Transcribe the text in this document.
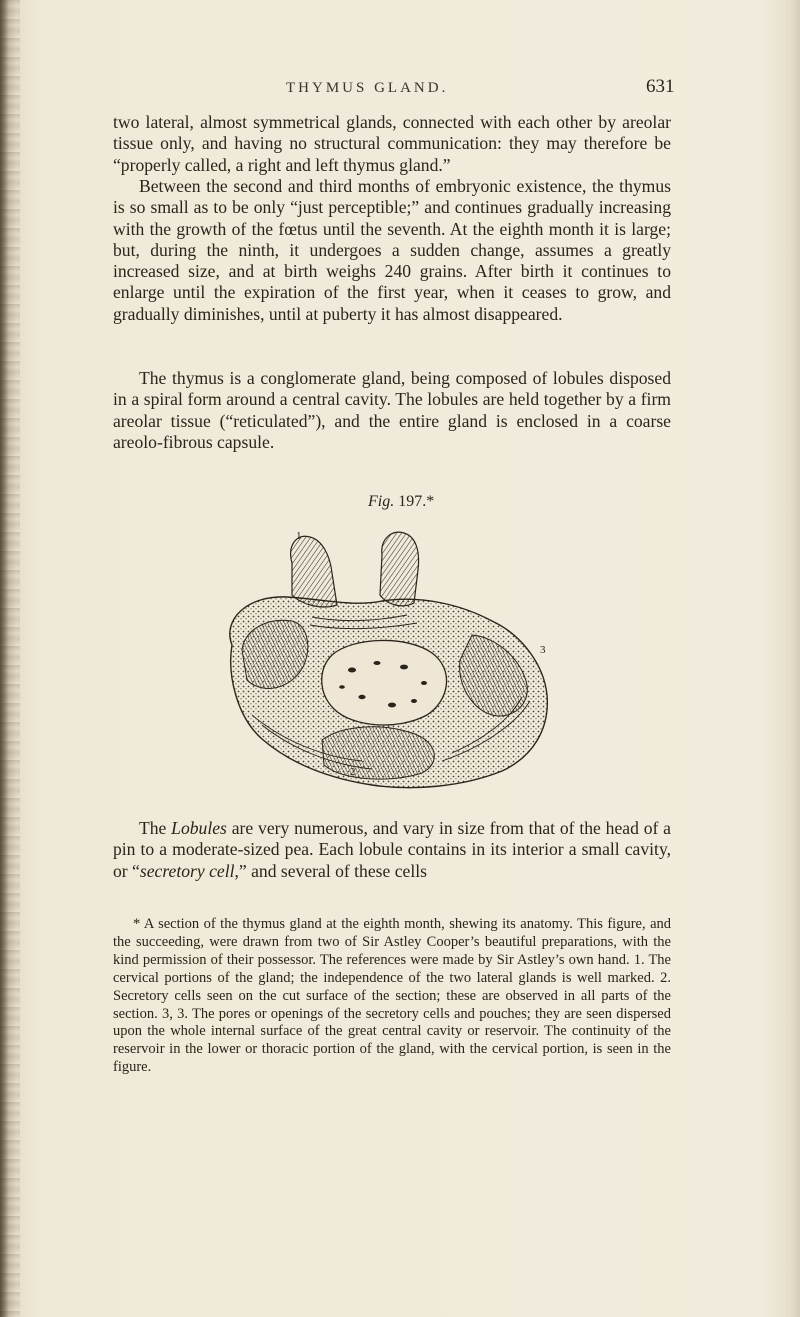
THYMUS GLAND.	631

two lateral, almost symmetrical glands, connected with each other by areolar tissue only, and having no structural communication: they may therefore be “properly called, a right and left thymus gland.”

Between the second and third months of embryonic existence, the thymus is so small as to be only “just perceptible;” and continues gradually increasing with the growth of the fœtus until the seventh. At the eighth month it is large; but, during the ninth, it undergoes a sudden change, assumes a greatly increased size, and at birth weighs 240 grains. After birth it continues to enlarge until the expiration of the first year, when it ceases to grow, and gradually diminishes, until at puberty it has almost disappeared.

The thymus is a conglomerate gland, being composed of lobules disposed in a spiral form around a central cavity. The lobules are held together by a firm areolar tissue (“reticulated”), and the entire gland is enclosed in a coarse areolo-fibrous capsule.

Fig. 197.*
1
2
3

The Lobules are very numerous, and vary in size from that of the head of a pin to a moderate-sized pea. Each lobule contains in its interior a small cavity, or “secretory cell,” and several of these cells

* A section of the thymus gland at the eighth month, shewing its anatomy. This figure, and the succeeding, were drawn from two of Sir Astley Cooper’s beautiful preparations, with the kind permission of their possessor. The references were made by Sir Astley’s own hand. 1. The cervical portions of the gland; the independence of the two lateral glands is well marked. 2. Secretory cells seen on the cut surface of the section; these are observed in all parts of the section. 3, 3. The pores or openings of the secretory cells and pouches; they are seen dispersed upon the whole internal surface of the great central cavity or reservoir. The continuity of the reservoir in the lower or thoracic portion of the gland, with the cervical portion, is seen in the figure.
